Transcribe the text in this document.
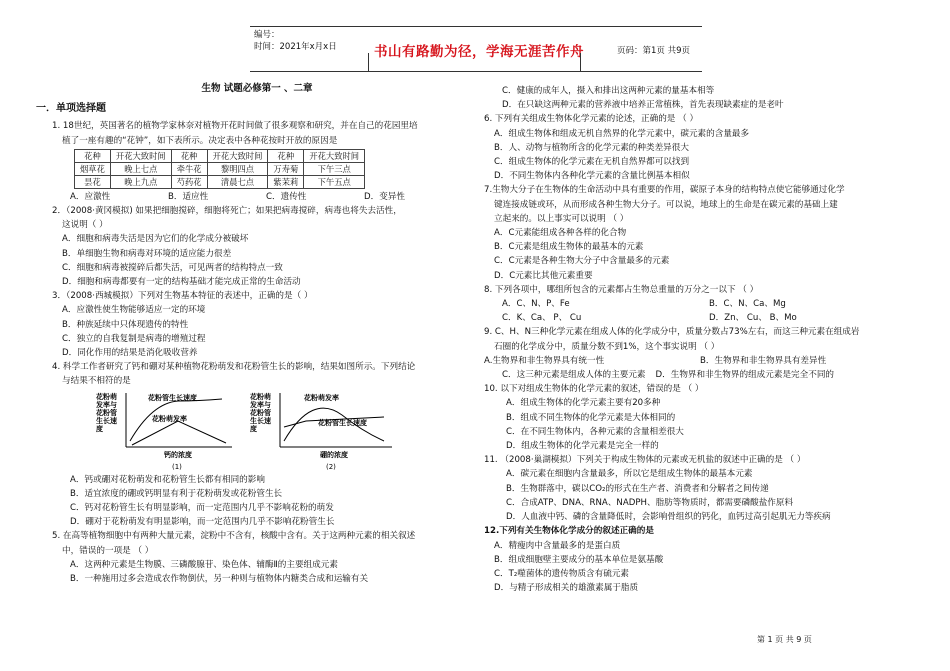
编号：
时间：2021年x月x日	书山有路勤为径，学海无涯苦作舟	页码：第1页 共9页
生物 试题必修第一 、二章
一．单项选择题

1. 18世纪，英国著名的植物学家林奈对植物开花时间做了很多观察和研究，并在自己的花园里培

植了一座有趣的“花钟”，如下表所示。决定表中各种花按时开放的原因是

花种	开花大致时间	花种	开花大致时间	花种	开花大致时间
烟草花	晚上七点	牵牛花	黎明四点	万寿菊	下午三点
昙花	晚上九点	芍药花	清晨七点	紫茉莉	下午五点
A．应激性	B．适应性	C．遗传性	D．变异性

2．（2008·黄冈模拟) 如果把细胞搅碎，细胞将死亡；如果把病毒搅碎，病毒也将失去活性，

这说明（ ）

A．细胞和病毒失活是因为它们的化学成分被破坏

B．单细胞生物和病毒对环境的适应能力很差

C．细胞和病毒被搅碎后都失活，可见两者的结构特点一致

D．细胞和病毒都要有一定的结构基础才能完成正常的生命活动

3．（2008·西城模拟）下列对生物基本特征的表述中，正确的是（ ）

A．应激性使生物能够适应一定的环境

B．种族延续中只体现遗传的特性

C．独立的自我复制是病毒的增殖过程

D．同化作用的结果是消化吸收营养

4. 科学工作者研究了钙和硼对某种植物花粉萌发和花粉管生长的影响，结果如图所示。下列结论

与结果不相符的是

花粉萌 发率与 花粉管 生长速 度
花粉管生长速度
花粉萌发率
钙的浓度
(1)
花粉萌 发率与 花粉管 生长速 度
花粉萌发率
花粉管生长速度
硼的浓度
(2)

A．钙或硼对花粉萌发和花粉管生长都有相同的影响

B．适宜浓度的硼或钙明显有利于花粉萌发或花粉管生长

C．钙对花粉管生长有明显影响，而一定范围内几乎不影响花粉的萌发

D．硼对于花粉萌发有明显影响，而一定范围内几乎不影响花粉管生长

5. 在高等植物细胞中有两种大量元素，淀粉中不含有，核酸中含有。关于这两种元素的相关叙述

中，错误的一项是 （ ）

A．这两种元素是生物膜、三磷酸腺苷、染色体、辅酶Ⅱ的主要组成元素

B．一种施用过多会造成农作物倒伏，另一种则与植物体内糖类合成和运输有关

C．健康的成年人，摄入和排出这两种元素的量基本相等

D．在只缺这两种元素的营养液中培养正常植株，首先表现缺素症的是老叶

6. 下列有关组成生物体化学元素的论述，正确的是 （ ）

A．组成生物体和组成无机自然界的化学元素中，碳元素的含量最多

B．人、动物与植物所含的化学元素的种类差异很大

C．组成生物体的化学元素在无机自然界都可以找到

D．不同生物体内各种化学元素的含量比例基本相似

7.生物大分子在生物体的生命活动中具有重要的作用，碳原子本身的结构特点使它能够通过化学

键连接成链或环，从而形成各种生物大分子。可以说，地球上的生命是在碳元素的基础上建

立起来的。以上事实可以说明 （ ）

A．C元素能组成各种各样的化合物

B．C元素是组成生物体的最基本的元素

C．C元素是各种生物大分子中含量最多的元素

D．C元素比其他元素重要

8. 下列各项中，哪组所包含的元素都占生物总重量的万分之一以下 （ ）

A．C、N、P、Fe	B．C、N、Ca、Mg
C．K、Ca、 P、 Cu	D．Zn、 Cu、 B、Mo

9. C、H、N三种化学元素在组成人体的化学成分中，质量分数占73%左右，而这三种元素在组成岩

石圈的化学成分中，质量分数不到1%，这个事实说明 （ ）

A.生物界和非生物界具有统一性	B．生物界和非生物界具有差异性
C．这三种元素是组成人体的主要元素 D．生物界和非生物界的组成元素是完全不同的

10. 以下对组成生物体的化学元素的叙述，错误的是 （ ）

A．组成生物体的化学元素主要有20多种

B．组成不同生物体的化学元素是大体相同的

C．在不同生物体内，各种元素的含量相差很大

D．组成生物体的化学元素是完全一样的

11. （2008·巢湖模拟）下列关于构成生物体的元素或无机盐的叙述中正确的是 （ ）

A．碳元素在细胞内含量最多，所以它是组成生物体的最基本元素

B．生物群落中，碳以CO₂的形式在生产者、消费者和分解者之间传递

C．合成ATP、DNA、RNA、NADPH、脂肪等物质时，都需要磷酸盐作原料

D．人血液中钙、磷的含量降低时，会影响骨组织的钙化，血钙过高引起肌无力等疾病

12.下列有关生物体化学成分的叙述正确的是

A．精瘦肉中含量最多的是蛋白质

B．组成细胞壁主要成分的基本单位是氨基酸

C．T₂噬菌体的遗传物质含有硫元素

D．与精子形成相关的雄激素属于脂质

第 1 页 共 9 页
